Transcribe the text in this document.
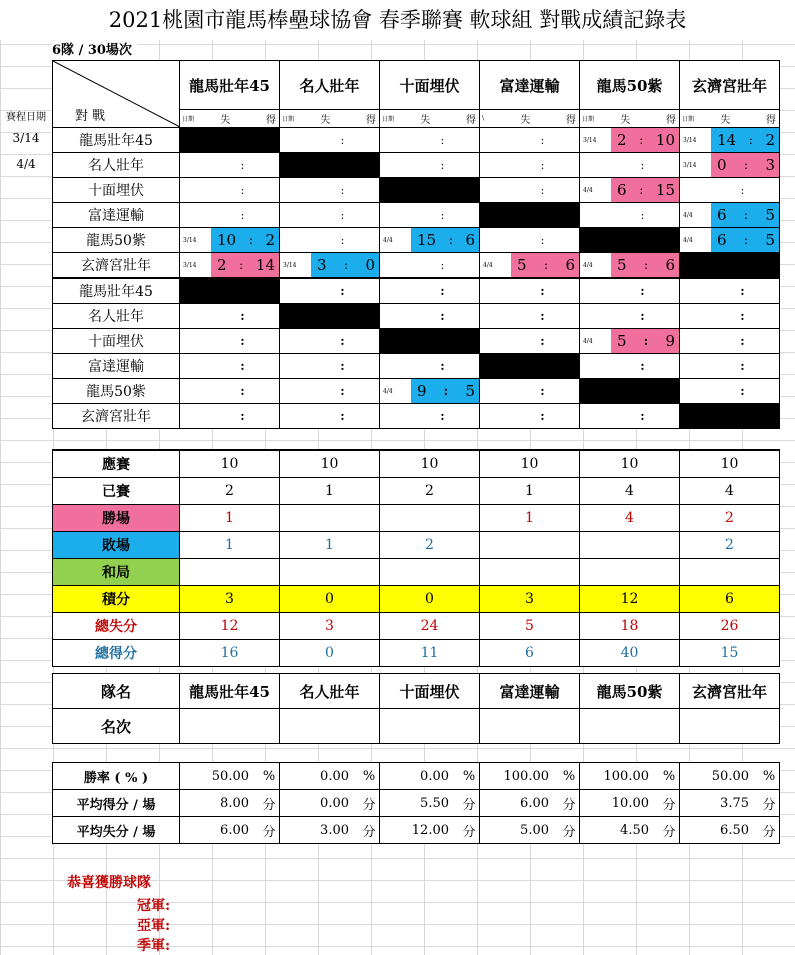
2021桃園市龍馬棒壘球協會 春季聯賽 軟球組 對戰成績記錄表
6隊 / 30場次
賽程日期
3/14
4/4
對 戰	龍馬壯年45	名人壯年	十面埋伏	富達運輸	龍馬50紫	玄濟宮壯年

	日期 失 得	日期 失 得	日期 失 得	\ 失 得	日期 失 得	日期 失 得

龍馬壯年45		:	:	:	3/14 2 : 10	3/14 14 : 2

名人壯年	:		:	:	:	3/14 0 : 3

十面埋伏	:	:		:	4/4 6 : 15	:

富達運輸	:	:	:		:	4/4 6 : 5

龍馬50紫	3/14 10 : 2	:	4/4 15 : 6	:		4/4 6 : 5

玄濟宮壯年	3/14 2 : 14	3/14 3 : 0	:	4/4 5 : 6	4/4 5 : 6	

龍馬壯年45		:	:	:	:	:

名人壯年	:		:	:	:	:

十面埋伏	:	:		:	4/4 5 : 9	:

富達運輸	:	:	:		:	:

龍馬50紫	:	:	4/4 9 : 5	:		:

玄濟宮壯年	:	:	:	:	:	

應賽	10	10	10	10	10	10
已賽	2	1	2	1	4	4
勝場	1			1	4	2
敗場	1	1	2			2
和局						
積分	3	0	0	3	12	6
總失分	12	3	24	5	18	26
總得分	16	0	11	6	40	15
隊名	龍馬壯年45	名人壯年	十面埋伏	富達運輸	龍馬50紫	玄濟宮壯年
名次						
勝率 ( % )	50.00 %	0.00 %	0.00 %	100.00 %	100.00 %	50.00 %

平均得分 / 場	8.00 分	0.00 分	5.50 分	6.00 分	10.00 分	3.75 分

平均失分 / 場	6.00 分	3.00 分	12.00 分	5.00 分	4.50 分	6.50 分
恭喜獲勝球隊
冠軍:
亞軍:
季軍:
